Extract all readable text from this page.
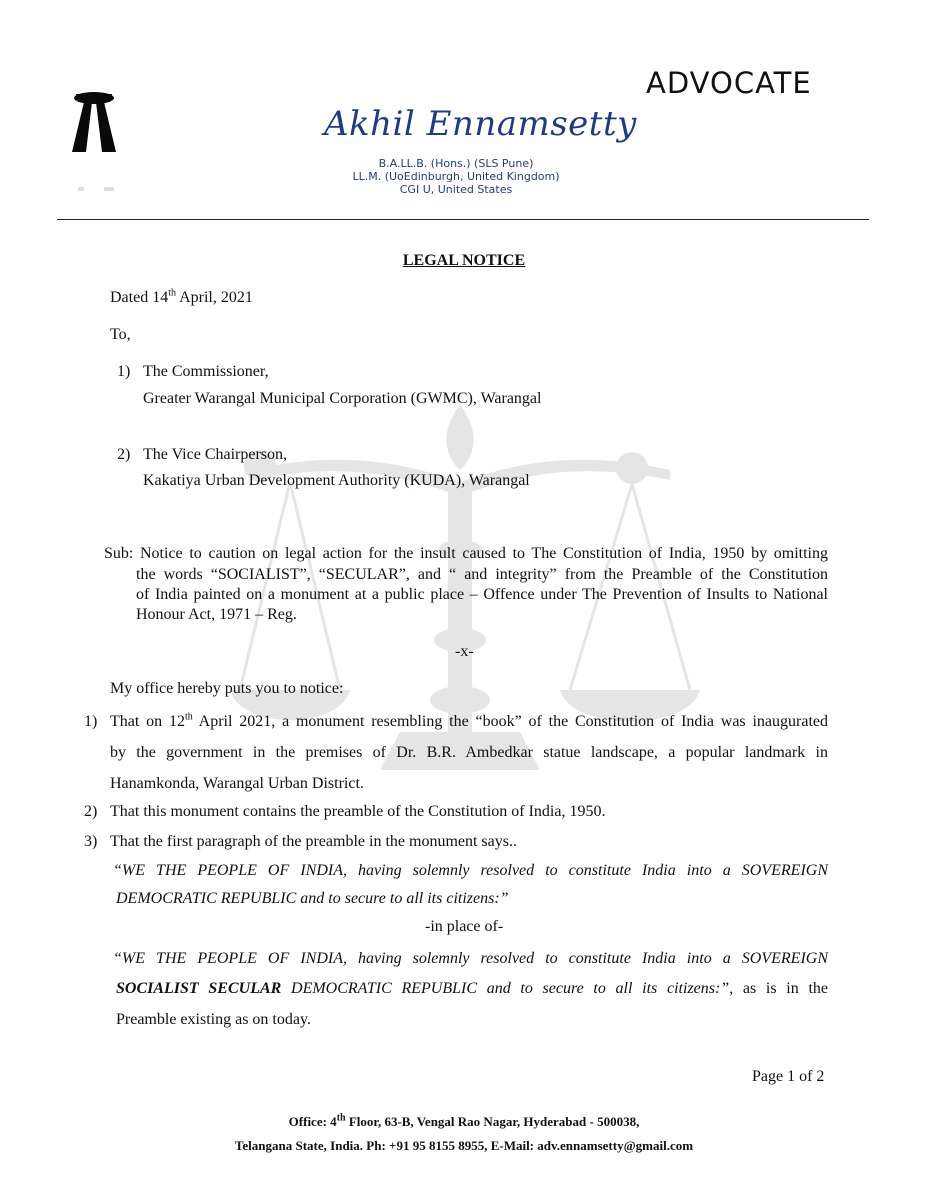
ADVOCATE
Akhil Ennamsetty
B.A.LL.B. (Hons.) (SLS Pune)
LL.M. (UoEdinburgh, United Kingdom)
CGI U, United States
LEGAL NOTICE
Dated 14th April, 2021
To,
1) The Commissioner,
Greater Warangal Municipal Corporation (GWMC), Warangal
2) The Vice Chairperson,
Kakatiya Urban Development Authority (KUDA), Warangal
Sub: Notice to caution on legal action for the insult caused to The Constitution of India, 1950 by omitting
the words “SOCIALIST”, “SECULAR”, and “ and integrity” from the Preamble of the Constitution
of India painted on a monument at a public place – Offence under The Prevention of Insults to National
Honour Act, 1971 – Reg.
-x-
My office hereby puts you to notice:
1) That on 12th April 2021, a monument resembling the “book” of the Constitution of India was inaugurated
by the government in the premises of Dr. B.R. Ambedkar statue landscape, a popular landmark in
Hanamkonda, Warangal Urban District.
2) That this monument contains the preamble of the Constitution of India, 1950.
3) That the first paragraph of the preamble in the monument says..
“WE THE PEOPLE OF INDIA, having solemnly resolved to constitute India into a SOVEREIGN
DEMOCRATIC REPUBLIC and to secure to all its citizens:”
-in place of-
“WE THE PEOPLE OF INDIA, having solemnly resolved to constitute India into a SOVEREIGN
SOCIALIST SECULAR DEMOCRATIC REPUBLIC and to secure to all its citizens:”, as is in the
Preamble existing as on today.
Page 1 of 2
Office: 4th Floor, 63-B, Vengal Rao Nagar, Hyderabad - 500038,
Telangana State, India. Ph: +91 95 8155 8955, E-Mail: adv.ennamsetty@gmail.com
